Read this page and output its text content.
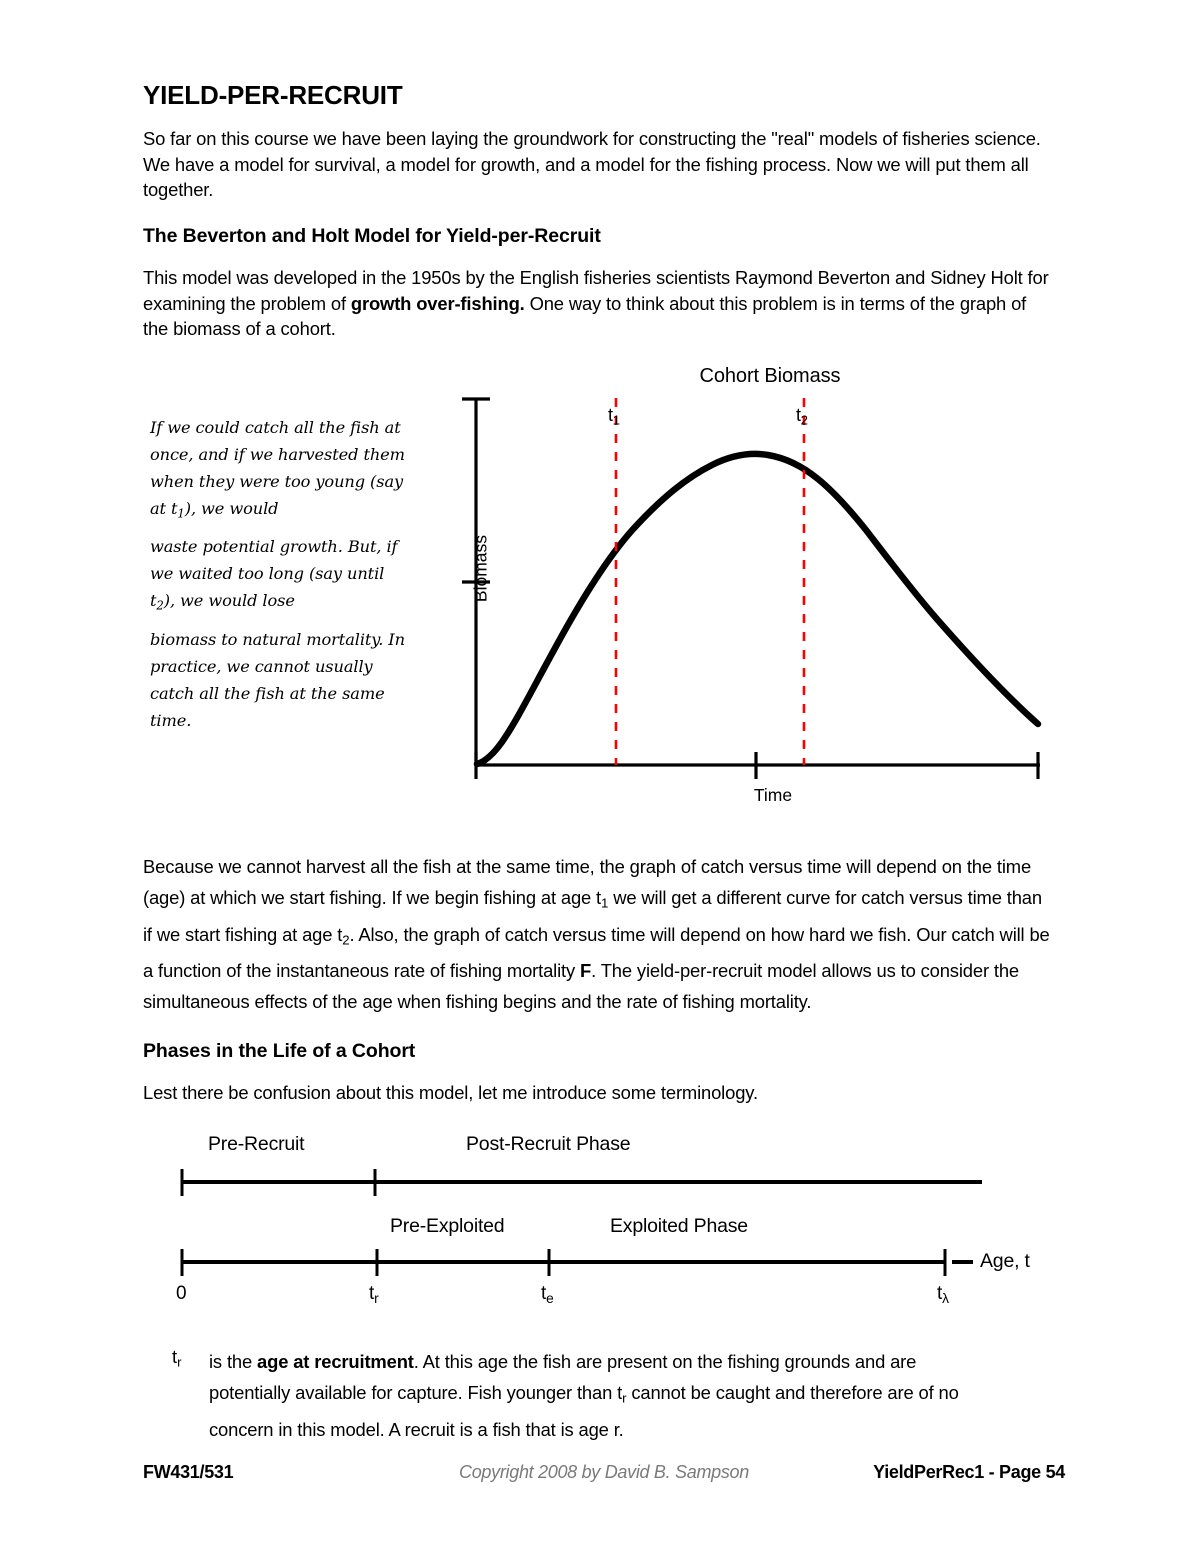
YIELD-PER-RECRUIT
So far on this course we have been laying the groundwork for constructing the "real" models of fisheries science. We have a model for survival, a model for growth, and a model for the fishing process. Now we will put them all together.
The Beverton and Holt Model for Yield-per-Recruit
This model was developed in the 1950s by the English fisheries scientists Raymond Beverton and Sidney Holt for examining the problem of growth over-fishing. One way to think about this problem is in terms of the graph of the biomass of a cohort.

If we could catch all the fish at once, and if we harvested them when they were too young (say at $t_1$), we would

waste potential growth. But, if we waited too long (say until $t_2$), we would lose

biomass to natural mortality. In practice, we cannot usually catch all the fish at the same time.

Cohort Biomass
$t_1$	$t_2$
Biomass
Time
Because we cannot harvest all the fish at the same time, the graph of catch versus time will depend on the time (age) at which we start fishing. If we begin fishing at age $t_1$ we will get a different curve for catch versus time than if we start fishing at age $t_2$. Also, the graph of catch versus time will depend on how hard we fish. Our catch will be a function of the instantaneous rate of fishing mortality F. The yield-per-recruit model allows us to consider the simultaneous effects of the age when fishing begins and the rate of fishing mortality.
Phases in the Life of a Cohort
Lest there be confusion about this model, let me introduce some terminology.
Pre-Recruit	Post-Recruit Phase
Pre-Exploited	Exploited Phase
Age, t
0	$t_r$	$t_e$	$t_\lambda$
$t_r$ is the age at recruitment. At this age the fish are present on the fishing grounds and are potentially available for capture. Fish younger than $t_r$ cannot be caught and therefore are of no concern in this model. A recruit is a fish that is age r.
FW431/531	Copyright 2008 by David B. Sampson	YieldPerRec1 - Page 54
